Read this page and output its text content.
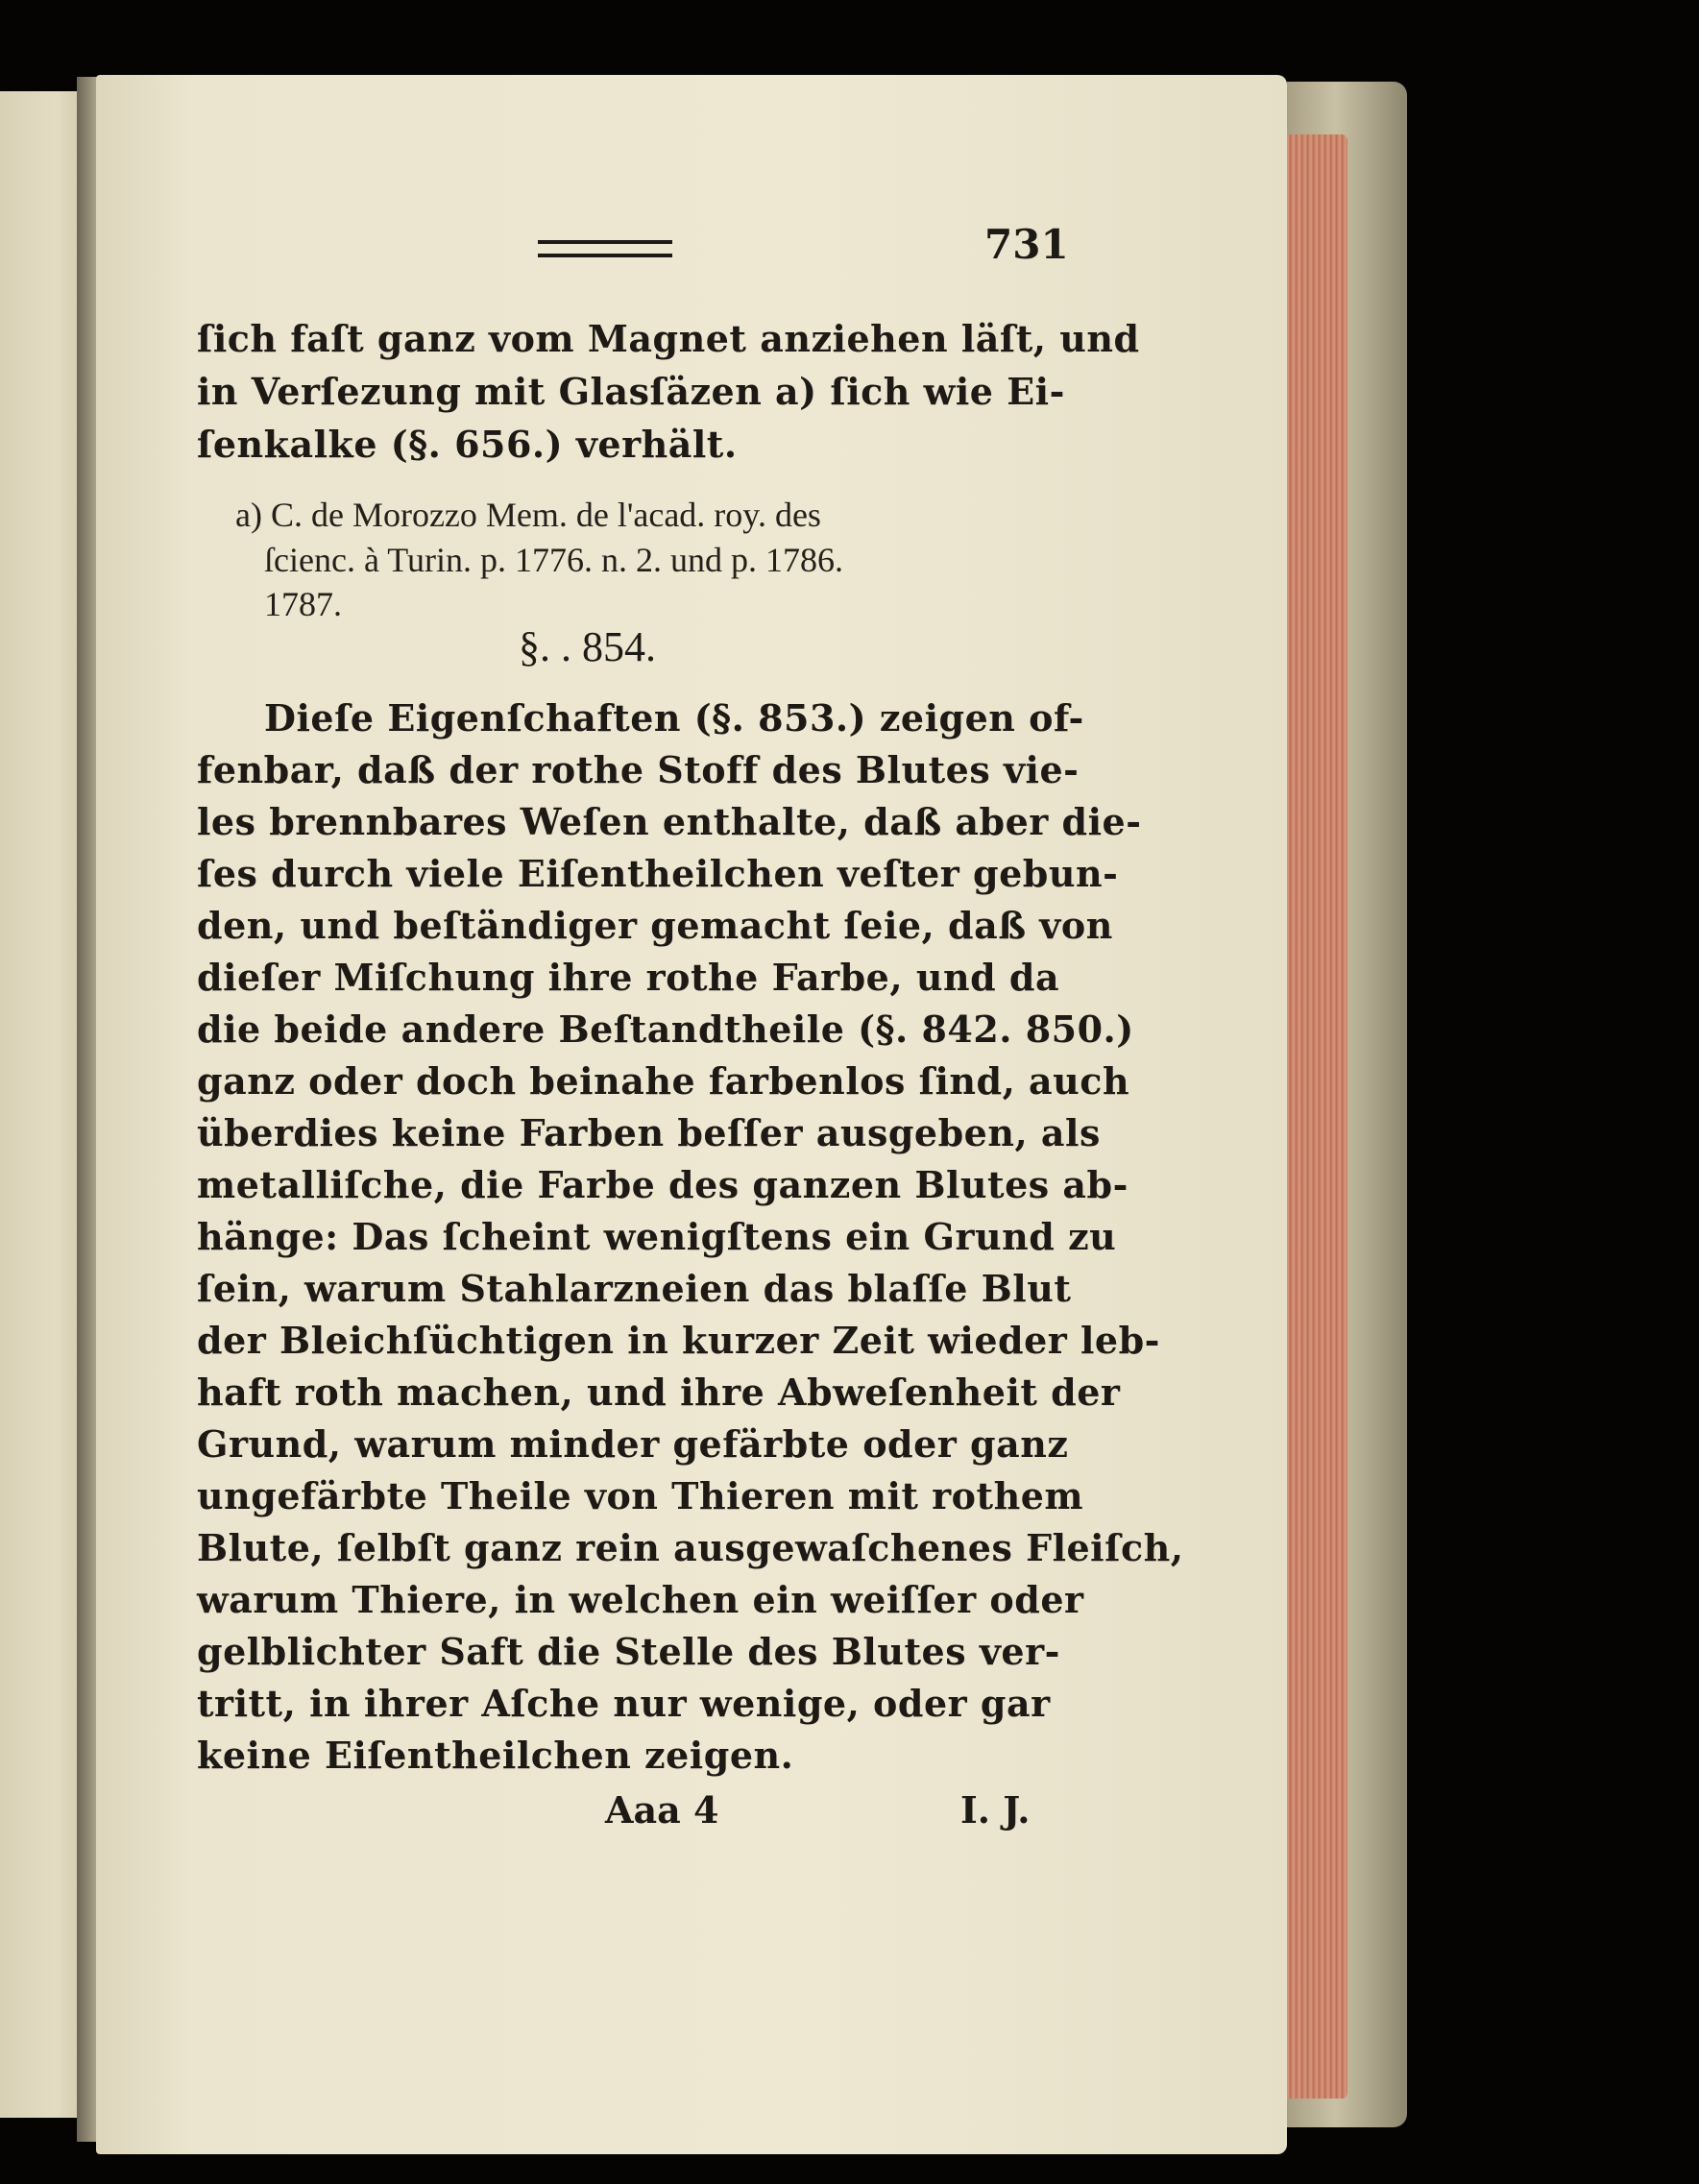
731
ſich faſt ganz vom Magnet anziehen läſt, und
in Verſezung mit Glasſäzen a) ſich wie Ei-
ſenkalke (§. 656.) verhält.
a) C. de Morozzo Mem. de l'acad. roy. des
ſcienc. à Turin. p. 1776. n. 2. und p. 1786.
1787.
Dieſe Eigenſchaften (§. 853.) zeigen of-
fenbar, daß der rothe Stoff des Blutes vie-
les brennbares Weſen enthalte, daß aber die-
ſes durch viele Eiſentheilchen veſter gebun-
den, und beſtändiger gemacht ſeie, daß von
dieſer Miſchung ihre rothe Farbe, und da
die beide andere Beſtandtheile (§. 842. 850.)
ganz oder doch beinahe farbenlos ſind, auch
überdies keine Farben beſſer ausgeben, als
metalliſche, die Farbe des ganzen Blutes ab-
hänge: Das ſcheint wenigſtens ein Grund zu
ſein, warum Stahlarzneien das blaſſe Blut
der Bleichſüchtigen in kurzer Zeit wieder leb-
haft roth machen, und ihre Abweſenheit der
Grund, warum minder gefärbte oder ganz
ungefärbte Theile von Thieren mit rothem
Blute, ſelbſt ganz rein ausgewaſchenes Fleiſch,
warum Thiere, in welchen ein weiſſer oder
gelblichter Saft die Stelle des Blutes ver-
tritt, in ihrer Aſche nur wenige, oder gar
keine Eiſentheilchen zeigen.
§. . 854.
Aaa 4	I. J.
